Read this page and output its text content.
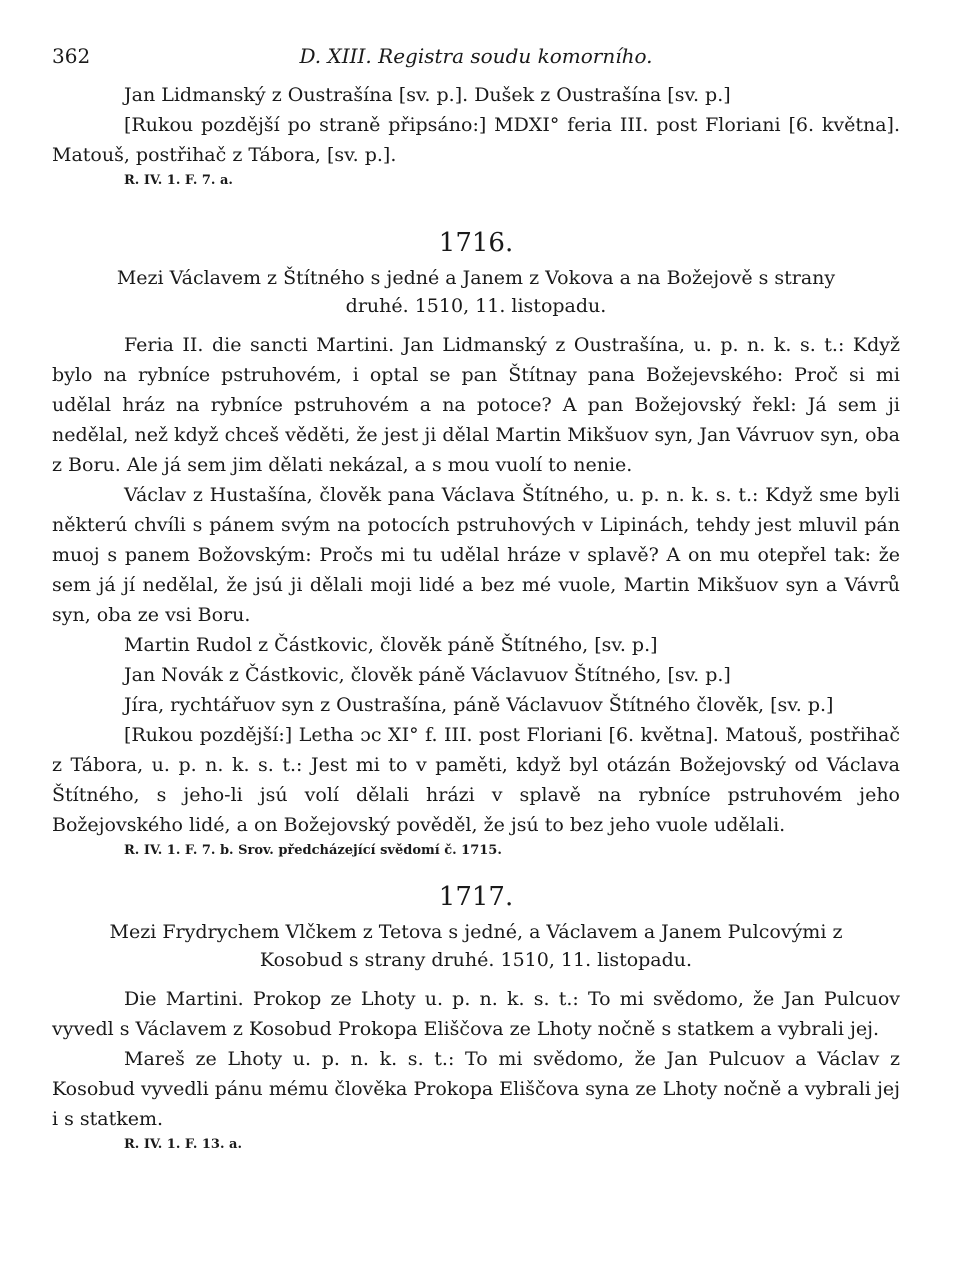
362	D. XIII. Registra soudu komorního.

Jan Lidmanský z Oustrašína [sv. p.]. Dušek z Oustrašína [sv. p.]

[Rukou pozdější po straně připsáno:] MDXI° feria III. post Floriani [6. května]. Matouš, postřihač z Tábora, [sv. p.].

R. IV. 1. F. 7. a.

1716.
Mezi Václavem z Štítného s jedné a Janem z Vokova a na Božejově s strany druhé. 1510, 11. listopadu.

Feria II. die sancti Martini. Jan Lidmanský z Oustrašína, u. p. n. k. s. t.: Když bylo na rybníce pstruhovém, i optal se pan Štítnay pana Božejevského: Proč si mi udělal hráz na rybníce pstruhovém a na potoce? A pan Božejovský řekl: Já sem ji nedělal, než když chceš věděti, že jest ji dělal Martin Mikšuov syn, Jan Vávruov syn, oba z Boru. Ale já sem jim dělati nekázal, a s mou vuolí to nenie.

Václav z Hustašína, člověk pana Václava Štítného, u. p. n. k. s. t.: Když sme byli některú chvíli s pánem svým na potocích pstruhových v Lipinách, tehdy jest mluvil pán muoj s panem Božovským: Pročs mi tu udělal hráze v splavě? A on mu otepřel tak: že sem já jí nedělal, že jsú ji dělali moji lidé a bez mé vuole, Martin Mikšuov syn a Vávrů syn, oba ze vsi Boru.

Martin Rudol z Částkovic, člověk páně Štítného, [sv. p.]

Jan Novák z Částkovic, člověk páně Václavuov Štítného, [sv. p.]

Jíra, rychtářuov syn z Oustrašína, páně Václavuov Štítného člověk, [sv. p.]

[Rukou pozdější:] Letha ɔc XI° f. III. post Floriani [6. května]. Matouš, postřihač z Tábora, u. p. n. k. s. t.: Jest mi to v paměti, když byl otázán Božejovský od Václava Štítného, s jeho-li jsú volí dělali hrázi v splavě na rybníce pstruhovém jeho Božejovského lidé, a on Božejovský pověděl, že jsú to bez jeho vuole udělali.

R. IV. 1. F. 7. b. Srov. předcházející svědomí č. 1715.

1717.
Mezi Frydrychem Vlčkem z Tetova s jedné, a Václavem a Janem Pulcovými z Kosobud s strany druhé. 1510, 11. listopadu.

Die Martini. Prokop ze Lhoty u. p. n. k. s. t.: To mi svědomo, že Jan Pulcuov vyvedl s Václavem z Kosobud Prokopa Eliščova ze Lhoty nočně s statkem a vybrali jej.

Mareš ze Lhoty u. p. n. k. s. t.: To mi svědomo, že Jan Pulcuov a Václav z Kosobud vyvedli pánu mému člověka Prokopa Eliščova syna ze Lhoty nočně a vybrali jej i s statkem.

R. IV. 1. F. 13. a.
